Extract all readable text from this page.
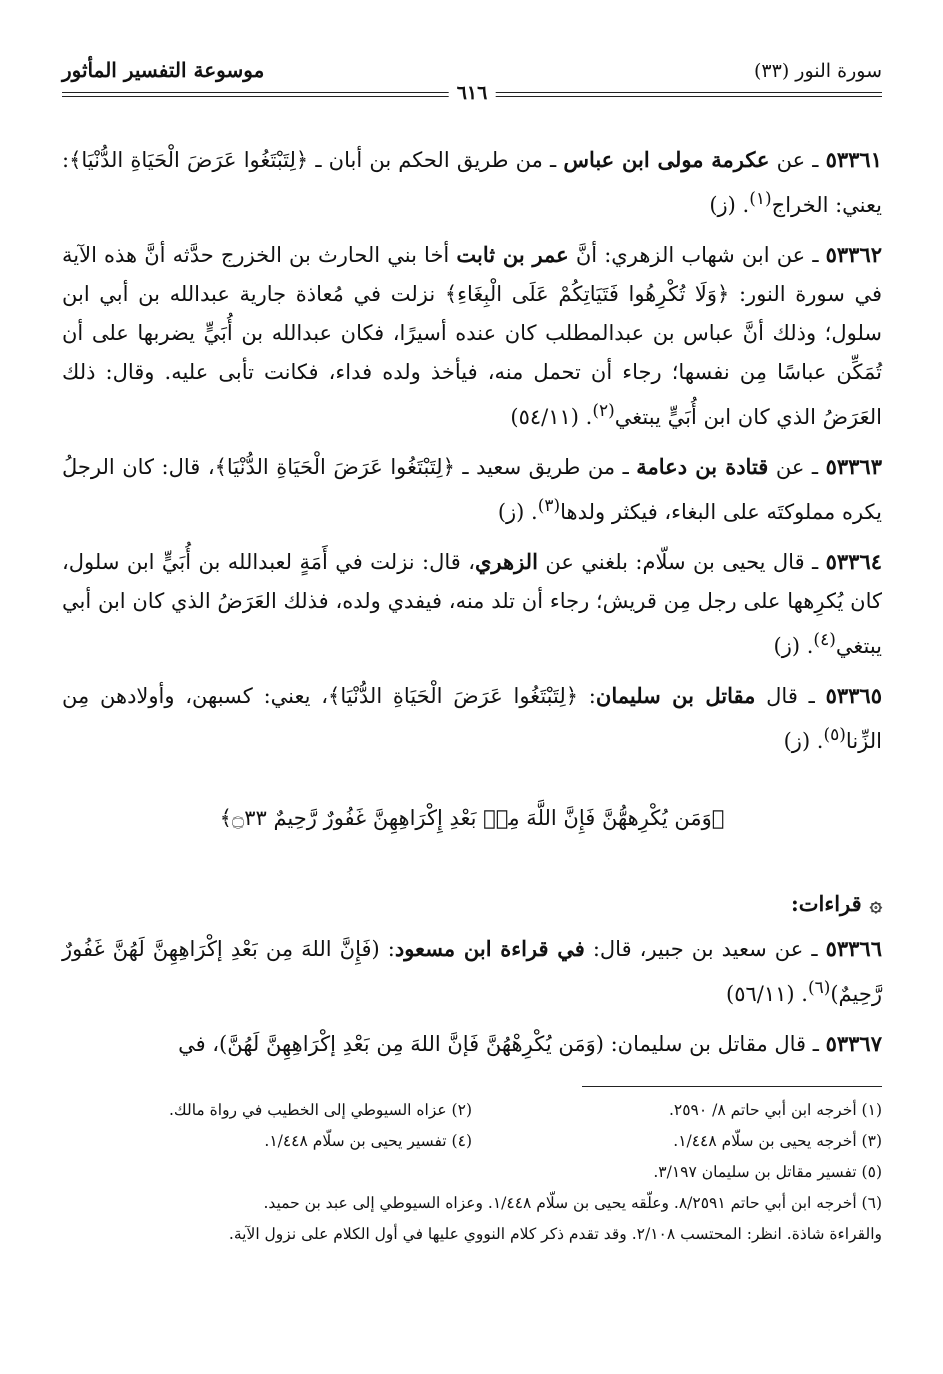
سورة النور (٣٣)
٦١٦
موسوعة التفسير المأثور

٥٣٣٦١ ـ عن عكرمة مولى ابن عباس ـ من طريق الحكم بن أبان ـ ﴿لِتَبْتَغُوا عَرَضَ الْحَيَاةِ الدُّنْيَا﴾: يعني: الخراج$^{(١)}$. (ز)

٥٣٣٦٢ ـ عن ابن شهاب الزهري: أنَّ عمر بن ثابت أخا بني الحارث بن الخزرج حدَّثه أنَّ هذه الآية في سورة النور: ﴿وَلَا تُكْرِهُوا فَتَيَاتِكُمْ عَلَى الْبِغَاءِ﴾ نزلت في مُعاذة جارية عبدالله بن أبي ابن سلول؛ وذلك أنَّ عباس بن عبدالمطلب كان عنده أسيرًا، فكان عبدالله بن أُبَيٍّ يضربها على أن تُمَكِّن عباسًا مِن نفسها؛ رجاء أن تحمل منه، فيأخذ ولده فداء، فكانت تأبى عليه. وقال: ذلك العَرَضُ الذي كان ابن أُبَيٍّ يبتغي$^{(٢)}$. (٥٤/١١)

٥٣٣٦٣ ـ عن قتادة بن دعامة ـ من طريق سعيد ـ ﴿لِتَبْتَغُوا عَرَضَ الْحَيَاةِ الدُّنْيَا﴾، قال: كان الرجلُ يكره مملوكتَه على البغاء، فيكثر ولدها$^{(٣)}$. (ز)

٥٣٣٦٤ ـ قال يحيى بن سلّام: بلغني عن الزهري، قال: نزلت في أَمَةٍ لعبدالله بن أُبَيٍّ ابن سلول، كان يُكرِهها على رجل مِن قريش؛ رجاء أن تلد منه، فيفدي ولده، فذلك العَرَضُ الذي كان ابن أبي يبتغي$^{(٤)}$. (ز)

٥٣٣٦٥ ـ قال مقاتل بن سليمان: ﴿لِتَبْتَغُوا عَرَضَ الْحَيَاةِ الدُّنْيَا﴾، يعني: كسبهن، وأولادهن مِن الزِّنا$^{(٥)}$. (ز)

﴿وَمَن يُكْرِههُّنَّ فَإِنَّ اللَّهَ مِنۢ بَعْدِ إِكْرَاهِهِنَّ غَفُورٌ رَّحِيمٌ ۝٣٣﴾
۞قراءات:

٥٣٣٦٦ ـ عن سعيد بن جبير، قال: في قراءة ابن مسعود: (فَإِنَّ اللهَ مِن بَعْدِ إكْرَاهِهِنَّ لَهُنَّ غَفُورٌ رَّحِيمٌ)$^{(٦)}$. (٥٦/١١)

٥٣٣٦٧ ـ قال مقاتل بن سليمان: (وَمَن يُكْرِهْهُنَّ فَإنَّ اللهَ مِن بَعْدِ إكْرَاهِهِنَّ لَهُنَّ)، في

(١) أخرجه ابن أبي حاتم ٨/ ٢٥٩٠.
(٢) عزاه السيوطي إلى الخطيب في رواة مالك.
(٣) أخرجه يحيى بن سلّام ١/٤٤٨.
(٤) تفسير يحيى بن سلّام ١/٤٤٨.
(٥) تفسير مقاتل بن سليمان ٣/١٩٧.
(٦) أخرجه ابن أبي حاتم ٨/٢٥٩١. وعلّقه يحيى بن سلّام ١/٤٤٨. وعزاه السيوطي إلى عبد بن حميد.
والقراءة شاذة. انظر: المحتسب ٢/١٠٨. وقد تقدم ذكر كلام النووي عليها في أول الكلام على نزول الآية.
